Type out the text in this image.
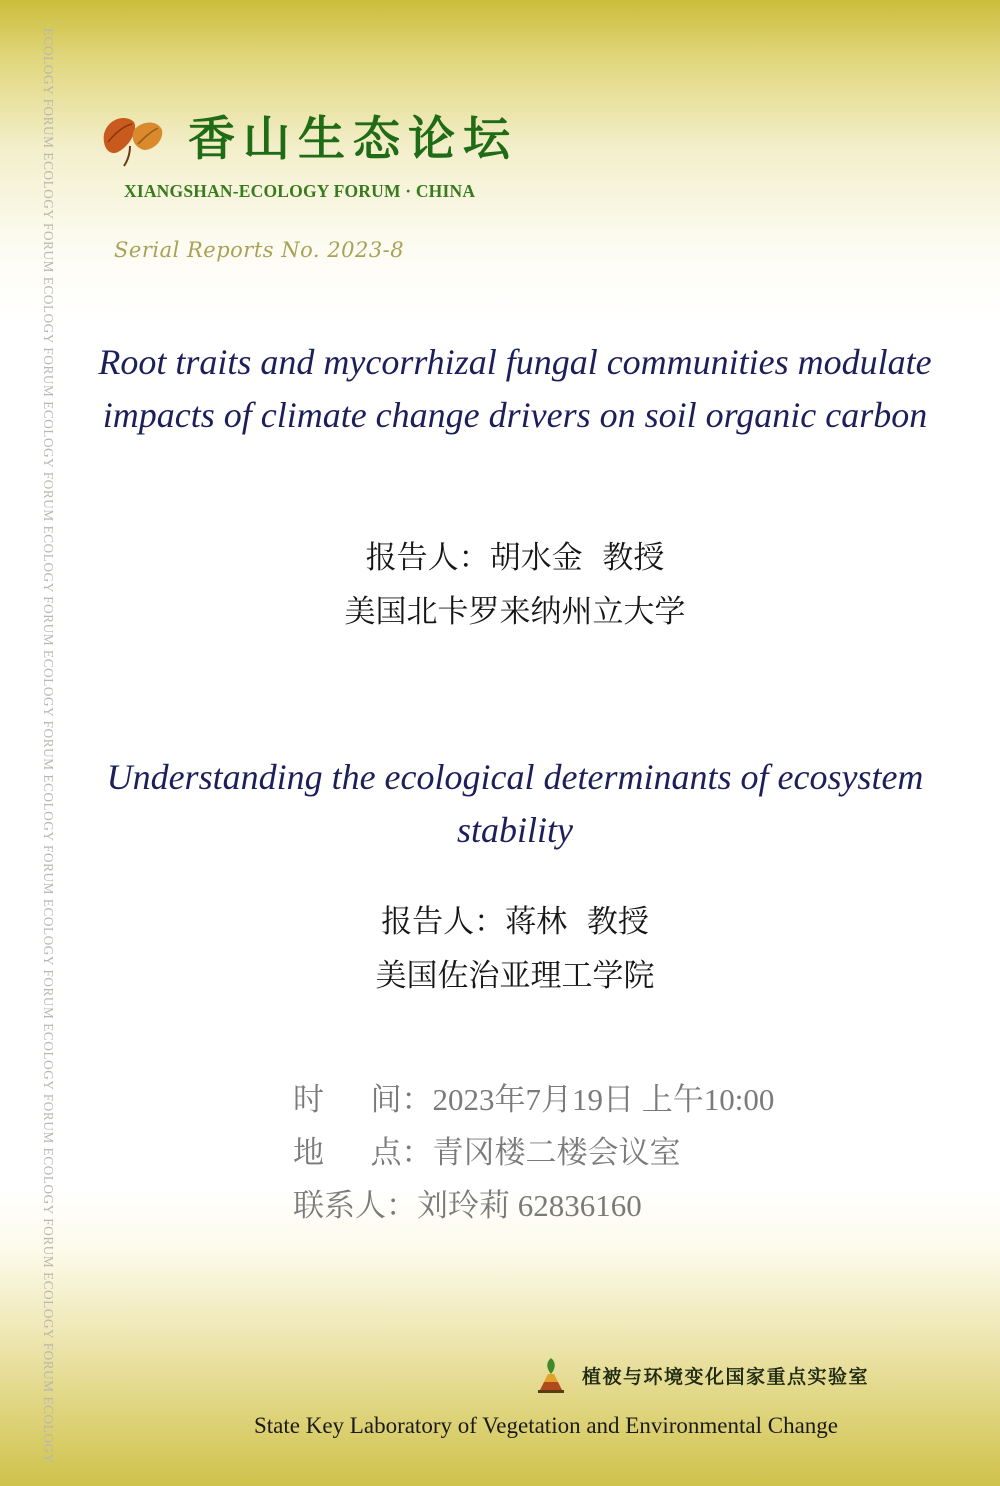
ECOLOGY FORUM ECOLOGY FORUM ECOLOGY FORUM ECOLOGY FORUM ECOLOGY FORUM ECOLOGY FORUM ECOLOGY FORUM ECOLOGY FORUM ECOLOGY FORUM ECOLOGY FORUM ECOLOGY FORUM ECOLOGY	香山生态论坛
XIANGSHAN-ECOLOGY FORUM · CHINA
Serial Reports No. 2023-8
Root traits and mycorrhizal fungal communities modulate impacts of climate change drivers on soil organic carbon
报告人：胡水金  教授
美国北卡罗来纳州立大学
Understanding the ecological determinants of ecosystem stability
报告人：蒋林  教授
美国佐治亚理工学院
时      间：2023年7月19日 上午10:00
地      点：青冈楼二楼会议室
联系人：刘玲莉 62836160
植被与环境变化国家重点实验室
State Key Laboratory of Vegetation and Environmental Change
